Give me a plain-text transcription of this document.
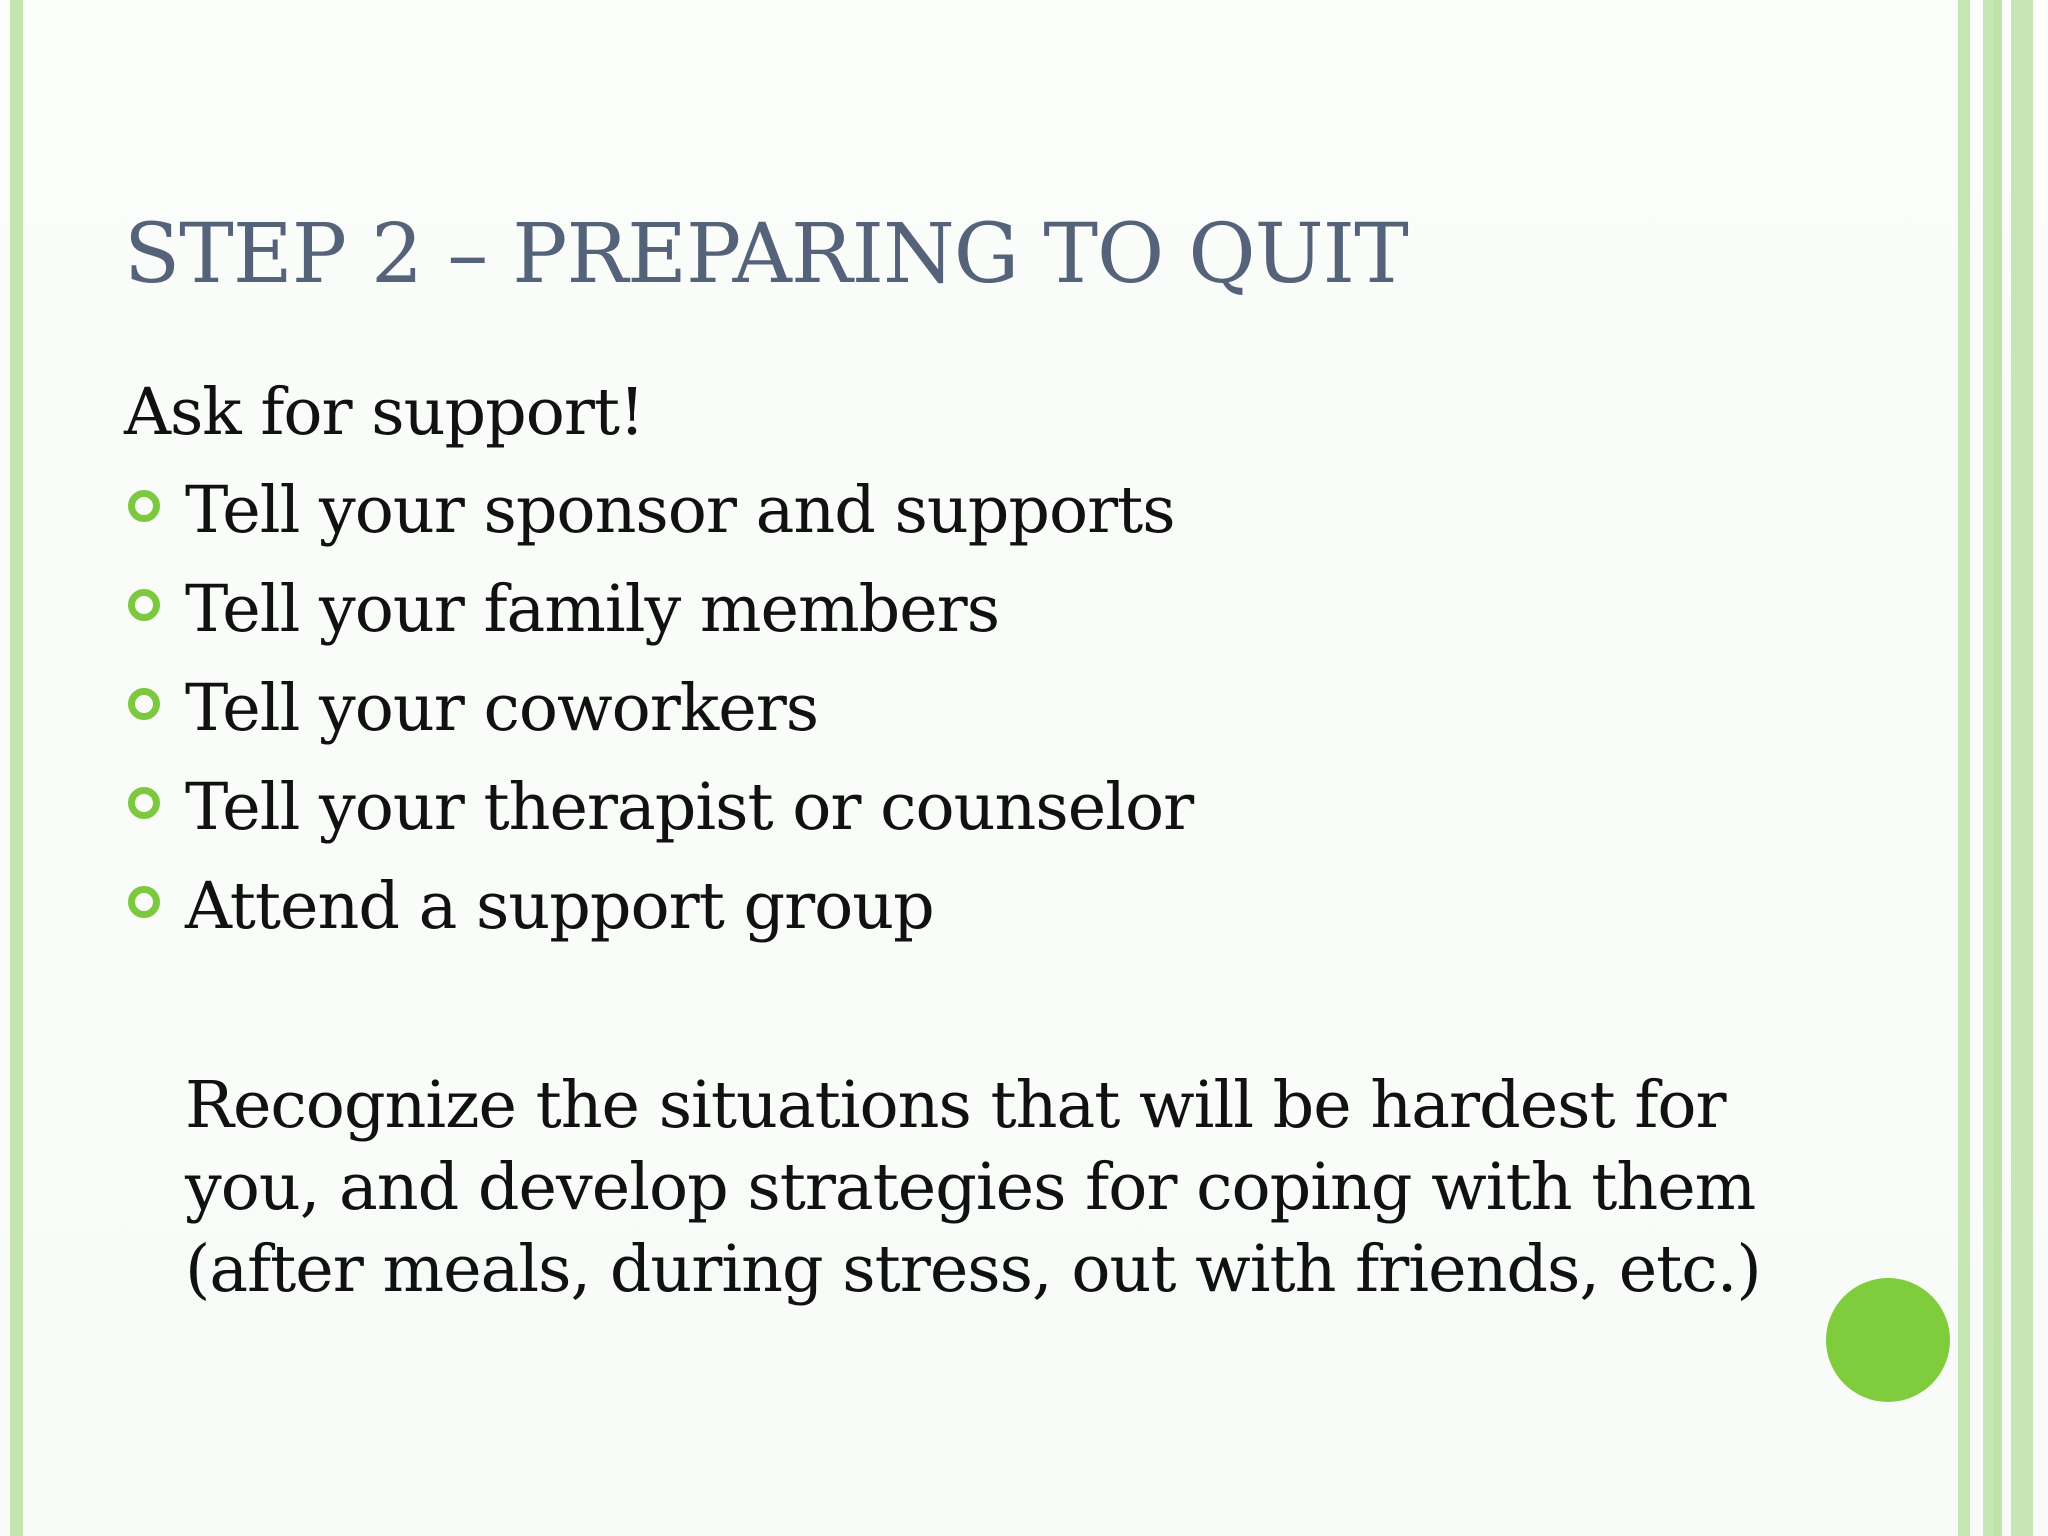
STEP 2 – PREPARING TO QUIT
Ask for support!
Tell your sponsor and supports
Tell your family members
Tell your coworkers
Tell your therapist or counselor
Attend a support group
Recognize the situations that will be hardest for
you, and develop strategies for coping with them
(after meals, during stress, out with friends, etc.)
